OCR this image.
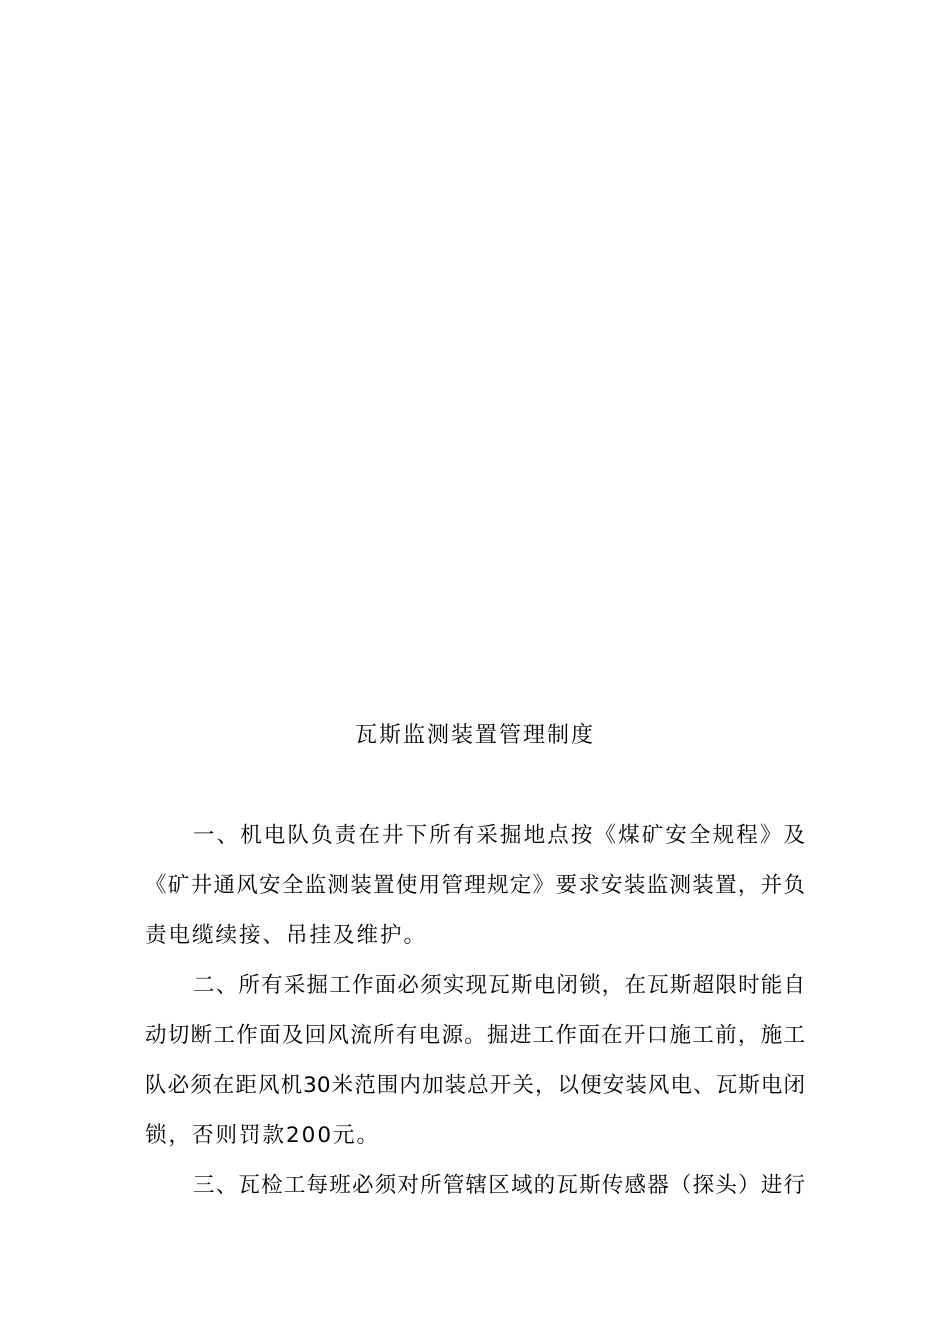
瓦斯监测装置管理制度
一、机电队负责在井下所有采掘地点按《煤矿安全规程》及
《矿井通风安全监测装置使用管理规定》要求安装监测装置，并负
责电缆续接、吊挂及维护。
二、所有采掘工作面必须实现瓦斯电闭锁，在瓦斯超限时能自
动切断工作面及回风流所有电源。掘进工作面在开口施工前，施工
队必须在距风机30米范围内加装总开关，以便安装风电、瓦斯电闭
锁，否则罚款200元。
三、瓦检工每班必须对所管辖区域的瓦斯传感器（探头）进行
